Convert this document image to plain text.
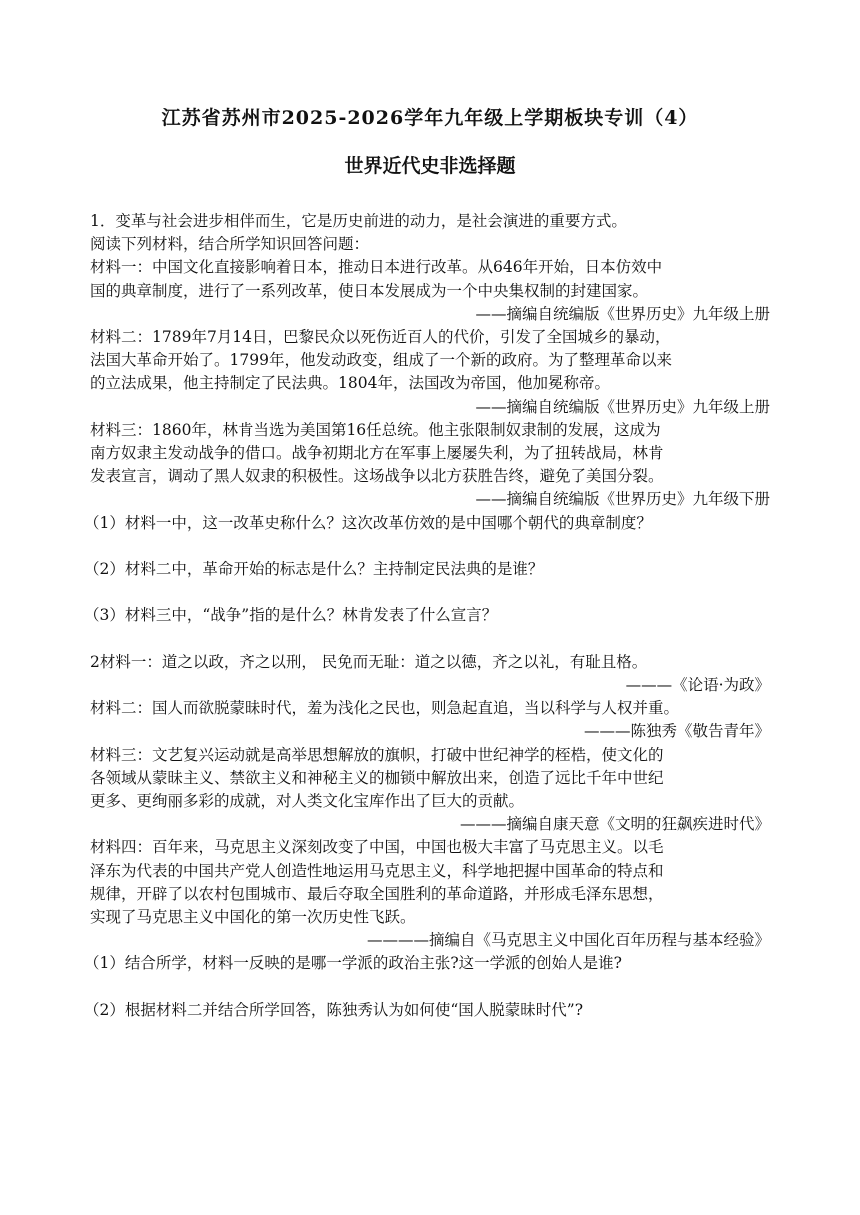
江苏省苏州市2025-2026学年九年级上学期板块专训（4）
世界近代史非选择题
1．变革与社会进步相伴而生，它是历史前进的动力，是社会演进的重要方式。
阅读下列材料，结合所学知识回答问题：
材料一：中国文化直接影响着日本，推动日本进行改革。从646年开始，日本仿效中
国的典章制度，进行了一系列改革，使日本发展成为一个中央集权制的封建国家。
——摘编自统编版《世界历史》九年级上册
材料二：1789年7月14日，巴黎民众以死伤近百人的代价，引发了全国城乡的暴动，
法国大革命开始了。1799年，他发动政变，组成了一个新的政府。为了整理革命以来
的立法成果，他主持制定了民法典。1804年，法国改为帝国，他加冕称帝。
——摘编自统编版《世界历史》九年级上册
材料三：1860年，林肯当选为美国第16任总统。他主张限制奴隶制的发展，这成为
南方奴隶主发动战争的借口。战争初期北方在军事上屡屡失利，为了扭转战局，林肯
发表宣言，调动了黑人奴隶的积极性。这场战争以北方获胜告终，避免了美国分裂。
——摘编自统编版《世界历史》九年级下册
（1）材料一中，这一改革史称什么？这次改革仿效的是中国哪个朝代的典章制度？
（2）材料二中，革命开始的标志是什么？主持制定民法典的是谁？
（3）材料三中，“战争”指的是什么？林肯发表了什么宣言？
2材料一：道之以政，齐之以刑， 民免而无耻：道之以德，齐之以礼，有耻且格。
———《论语·为政》
材料二：国人而欲脱蒙昧时代，羞为浅化之民也，则急起直追，当以科学与人权并重。
———陈独秀《敬告青年》
材料三：文艺复兴运动就是高举思想解放的旗帜，打破中世纪神学的桎梏，使文化的
各领域从蒙昧主义、禁欲主义和神秘主义的枷锁中解放出来，创造了远比千年中世纪
更多、更绚丽多彩的成就，对人类文化宝库作出了巨大的贡献。
———摘编自康天意《文明的狂飙疾进时代》
材料四：百年来，马克思主义深刻改变了中国，中国也极大丰富了马克思主义。以毛
泽东为代表的中国共产党人创造性地运用马克思主义，科学地把握中国革命的特点和
规律，开辟了以农村包围城市、最后夺取全国胜利的革命道路，并形成毛泽东思想，
实现了马克思主义中国化的第一次历史性飞跃。
————摘编自《马克思主义中国化百年历程与基本经验》
（1）结合所学，材料一反映的是哪一学派的政治主张?这一学派的创始人是谁?
（2）根据材料二并结合所学回答，陈独秀认为如何使“国人脱蒙昧时代”?
